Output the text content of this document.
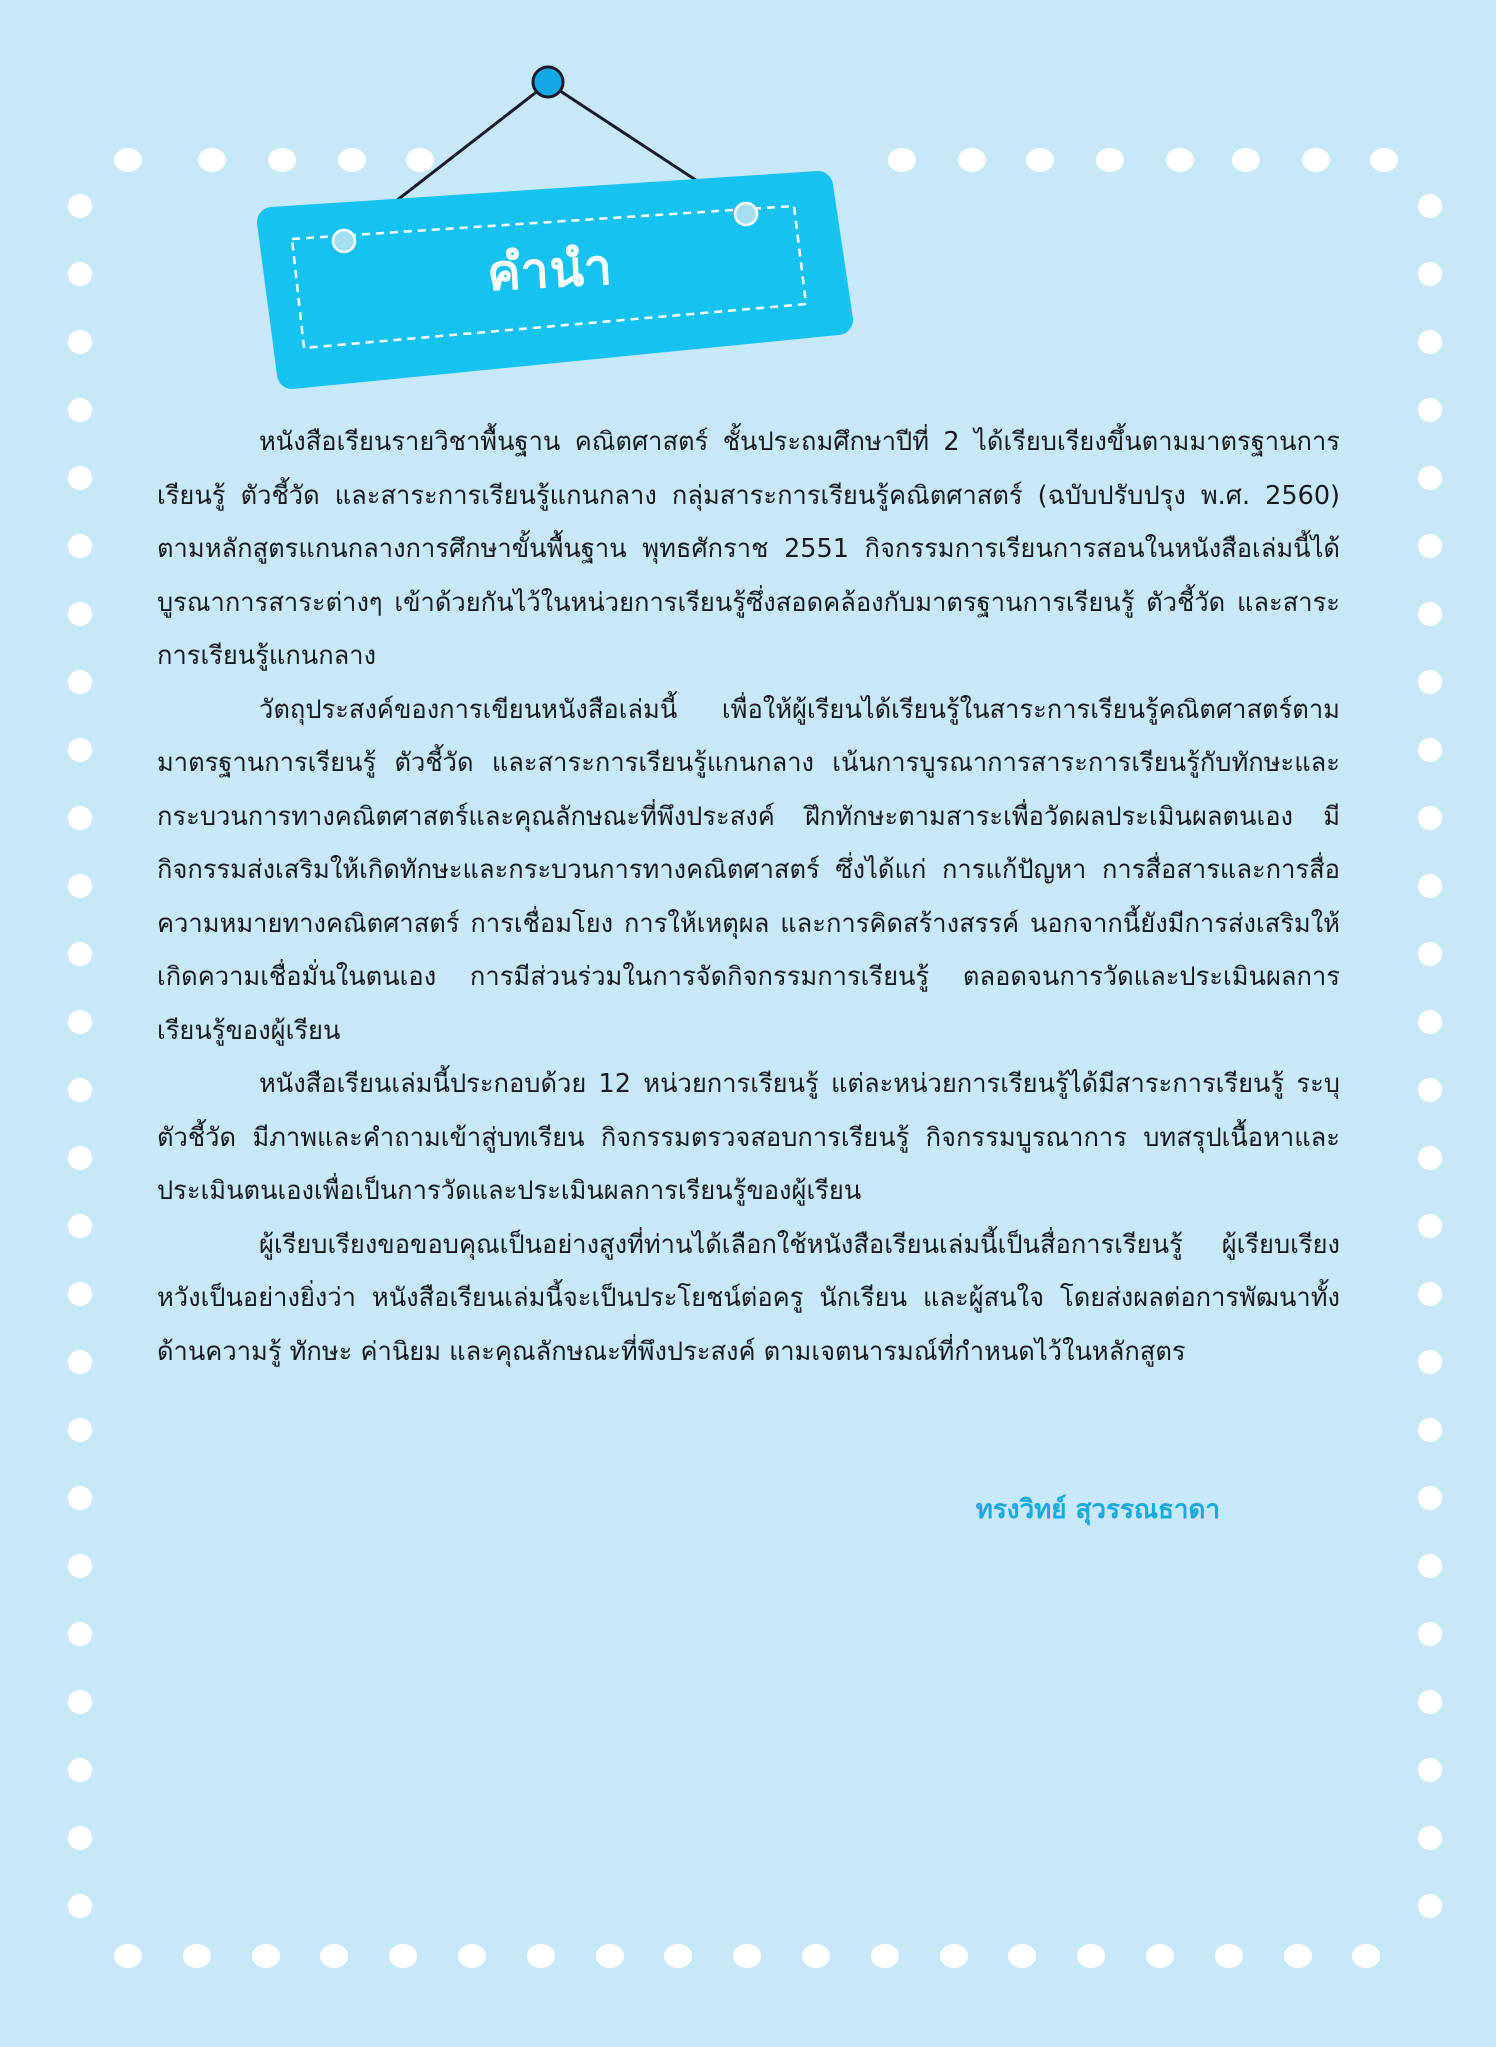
คำนำ

หนังสือเรียนรายวิชาพื้นฐาน คณิตศาสตร์ ชั้นประถมศึกษาปีที่ 2 ได้เรียบเรียงขึ้นตามมาตรฐานการเรียนรู้ ตัวชี้วัด และสาระการเรียนรู้แกนกลาง กลุ่มสาระการเรียนรู้คณิตศาสตร์ (ฉบับปรับปรุง พ.ศ. 2560) ตามหลักสูตรแกนกลางการศึกษาขั้นพื้นฐาน พุทธศักราช 2551 กิจกรรมการเรียนการสอนในหนังสือเล่มนี้ได้บูรณาการสาระต่างๆ เข้าด้วยกันไว้ในหน่วยการเรียนรู้ซึ่งสอดคล้องกับมาตรฐานการเรียนรู้ ตัวชี้วัด และสาระการเรียนรู้แกนกลาง

วัตถุประสงค์ของการเขียนหนังสือเล่มนี้ เพื่อให้ผู้เรียนได้เรียนรู้ในสาระการเรียนรู้คณิตศาสตร์ตามมาตรฐานการเรียนรู้ ตัวชี้วัด และสาระการเรียนรู้แกนกลาง เน้นการบูรณาการสาระการเรียนรู้กับทักษะและกระบวนการทางคณิตศาสตร์และคุณลักษณะที่พึงประสงค์ ฝึกทักษะตามสาระเพื่อวัดผลประเมินผลตนเอง มีกิจกรรมส่งเสริมให้เกิดทักษะและกระบวนการทางคณิตศาสตร์ ซึ่งได้แก่ การแก้ปัญหา การสื่อสารและการสื่อความหมายทางคณิตศาสตร์ การเชื่อมโยง การให้เหตุผล และการคิดสร้างสรรค์ นอกจากนี้ยังมีการส่งเสริมให้เกิดความเชื่อมั่นในตนเอง การมีส่วนร่วมในการจัดกิจกรรมการเรียนรู้ ตลอดจนการวัดและประเมินผลการเรียนรู้ของผู้เรียน

หนังสือเรียนเล่มนี้ประกอบด้วย 12 หน่วยการเรียนรู้ แต่ละหน่วยการเรียนรู้ได้มีสาระการเรียนรู้ ระบุตัวชี้วัด มีภาพและคำถามเข้าสู่บทเรียน กิจกรรมตรวจสอบการเรียนรู้ กิจกรรมบูรณาการ บทสรุปเนื้อหาและประเมินตนเองเพื่อเป็นการวัดและประเมินผลการเรียนรู้ของผู้เรียน

ผู้เรียบเรียงขอขอบคุณเป็นอย่างสูงที่ท่านได้เลือกใช้หนังสือเรียนเล่มนี้เป็นสื่อการเรียนรู้ ผู้เรียบเรียงหวังเป็นอย่างยิ่งว่า หนังสือเรียนเล่มนี้จะเป็นประโยชน์ต่อครู นักเรียน และผู้สนใจ โดยส่งผลต่อการพัฒนาทั้งด้านความรู้ ทักษะ ค่านิยม และคุณลักษณะที่พึงประสงค์ ตามเจตนารมณ์ที่กำหนดไว้ในหลักสูตร

ทรงวิทย์ สุวรรณธาดา
